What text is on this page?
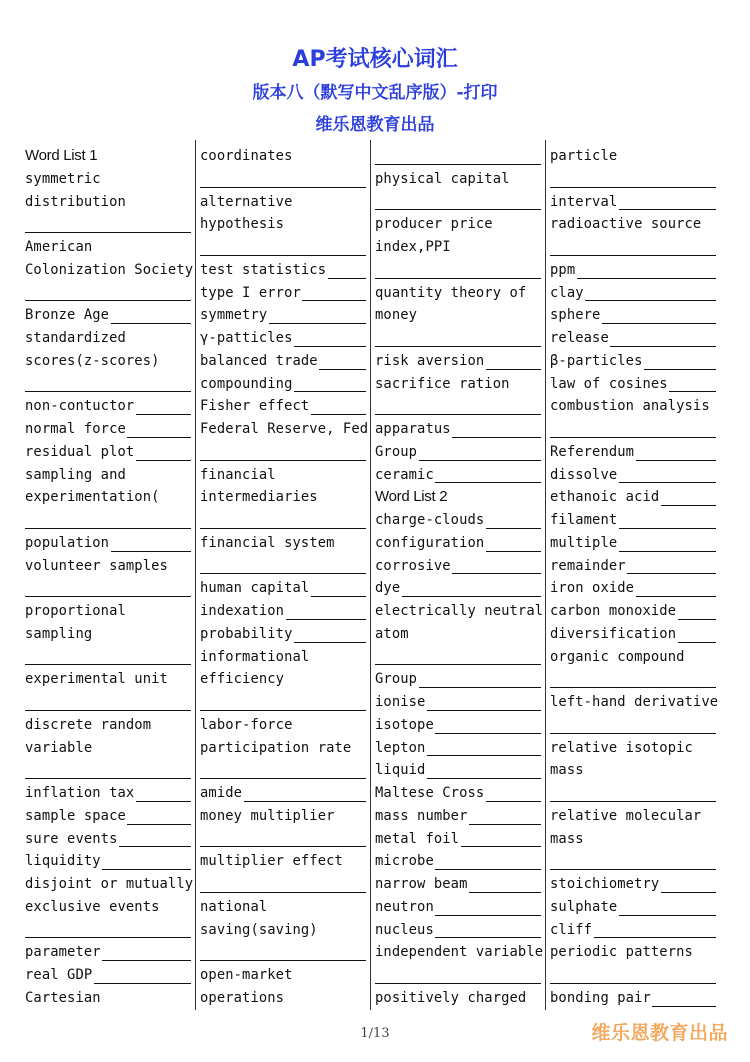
AP考试核心词汇
版本八（默写中文乱序版）-打印
维乐恩教育出品
Word List 1
symmetric
distribution
American
Colonization Society
Bronze Age
standardized
scores(z-scores)
non-contuctor
normal force
residual plot
sampling and
experimentation(
population
volunteer samples
proportional
sampling
experimental unit
discrete random
variable
inflation tax
sample space
sure events
liquidity
disjoint or mutually
exclusive events
parameter
real GDP
Cartesian
coordinates
alternative
hypothesis
test statistics
type I error
symmetry
γ-patticles
balanced trade
compounding
Fisher effect
Federal Reserve, Fed
financial
intermediaries
financial system
human capital
indexation
probability
informational
efficiency
labor-force
participation rate
amide
money multiplier
multiplier effect
national
saving(saving)
open-market
operations
physical capital
producer price
index,PPI
quantity theory of
money
risk aversion
sacrifice ration
apparatus
Group
ceramic
Word List 2
charge-clouds
configuration
corrosive
dye
electrically neutral
atom
Group
ionise
isotope
lepton
liquid
Maltese Cross
mass number
metal foil
microbe
narrow beam
neutron
nucleus
independent variable
positively charged
particle
interval
radioactive source
ppm
clay
sphere
release
β-particles
law of cosines
combustion analysis
Referendum
dissolve
ethanoic acid
filament
multiple
remainder
iron oxide
carbon monoxide
diversification
organic compound
left-hand derivative
relative isotopic
mass
relative molecular
mass
stoichiometry
sulphate
cliff
periodic patterns
bonding pair
1/13	维乐恩教育出品
